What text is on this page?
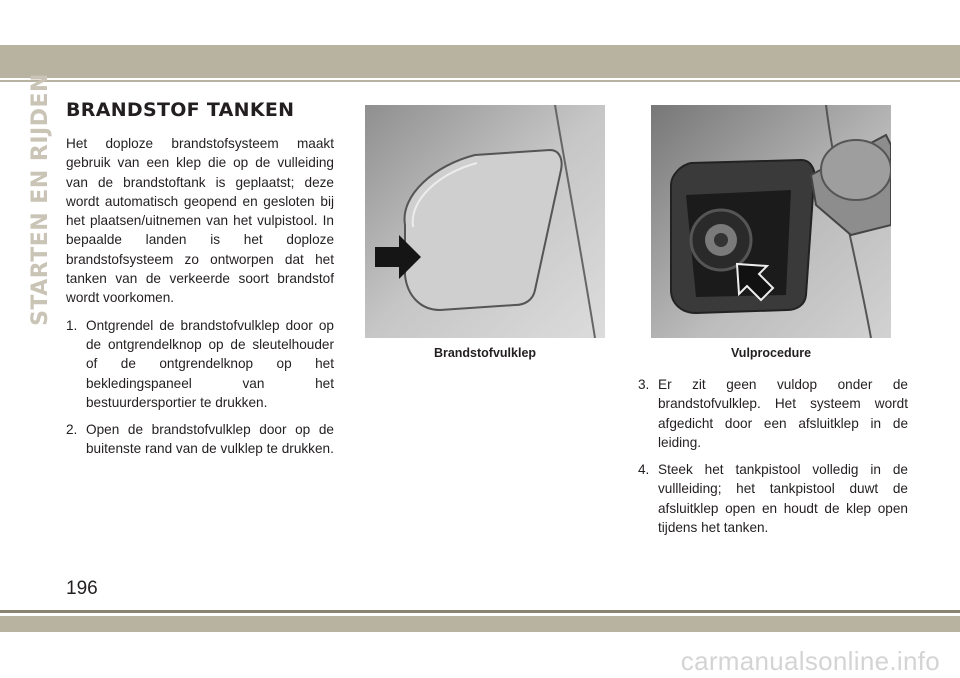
STARTEN EN RIJDEN BRANDSTOF TANKEN

Het doploze brandstofsysteem maakt gebruik van een klep die op de vulleiding van de brandstoftank is geplaatst; deze wordt automatisch geopend en gesloten bij het plaatsen/uitnemen van het vulpistool. In bepaalde landen is het doploze brandstofsysteem zo ontworpen dat het tanken van de verkeerde soort brandstof wordt voorkomen.

1. Ontgrendel de brandstofvulklep door op de ontgrendelknop op de sleutelhouder of de ontgrendelknop op het bekledingspaneel van het bestuurdersportier te drukken.
2. Open de brandstofvulklep door op de buitenste rand van de vulklep te drukken.
Brandstofvulklep	Vulprocedure
3. Er zit geen vuldop onder de brandstofvulklep. Het systeem wordt afgedicht door een afsluitklep in de leiding.
4. Steek het tankpistool volledig in de vullleiding; het tankpistool duwt de afsluitklep open en houdt de klep open tijdens het tanken.
196
carmanualsonline.info
